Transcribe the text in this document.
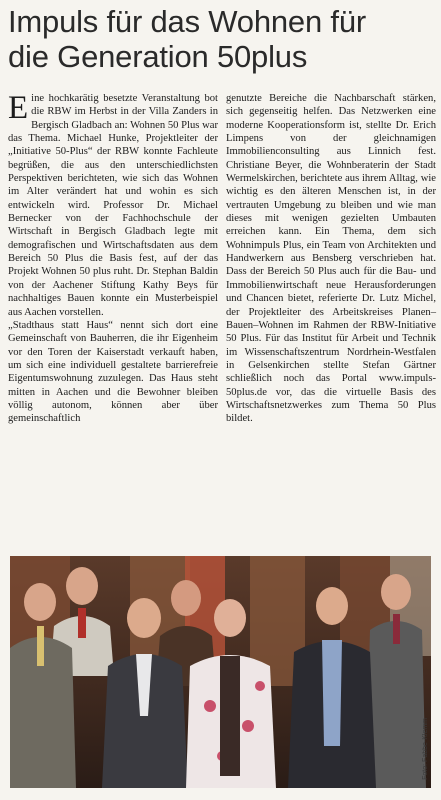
Impuls für das Wohnen für
die Generation 50plus

Eine hochkarätig besetzte Veranstaltung bot die RBW im Herbst in der Villa Zanders in Bergisch Gladbach an: Wohnen 50 Plus war das Thema. Michael Hunke, Projektleiter der „Initiative 50-Plus“ der RBW konnte Fachleute begrüßen, die aus den unterschiedlichsten Perspektiven berichteten, wie sich das Wohnen im Alter verändert hat und wohin es sich entwickeln wird. Professor Dr. Michael Bernecker von der Fachhochschule der Wirtschaft in Bergisch Gladbach legte mit demografischen und Wirtschaftsdaten aus dem Bereich 50 Plus die Basis fest, auf der das Projekt Wohnen 50 plus ruht. Dr. Stephan Baldin von der Aachener Stiftung Kathy Beys für nachhaltiges Bauen konnte ein Musterbeispiel aus Aachen vorstellen.

„Stadthaus statt Haus“ nennt sich dort eine Gemeinschaft von Bauherren, die ihr Eigenheim vor den Toren der Kaiserstadt verkauft haben, um sich eine individuell gestaltete barrierefreie Eigentumswohnung zuzulegen. Das Haus steht mitten in Aachen und die Bewohner bleiben völlig autonom, können aber über gemeinschaftlich

genutzte Bereiche die Nachbarschaft stärken, sich gegenseitig helfen. Das Netzwerken eine moderne Kooperationsform ist, stellte Dr. Erich Limpens von der gleichnamigen Immobilienconsulting aus Linnich fest. Christiane Beyer, die Wohnberaterin der Stadt Wermelskirchen, berichtete aus ihrem Alltag, wie wichtig es den älteren Menschen ist, in der vertrauten Umgebung zu bleiben und wie man dieses mit wenigen gezielten Umbauten erreichen kann. Ein Thema, dem sich Wohnimpuls Plus, ein Team von Architekten und Handwerkern aus Bensberg verschrieben hat. Dass der Bereich 50 Plus auch für die Bau- und Immobilienwirtschaft neue Herausforderungen und Chancen bietet, referierte Dr. Lutz Michel, der Projektleiter des Arbeitskreises Planen–Bauen–Wohnen im Rahmen der RBW-Initiative 50 Plus. Für das Institut für Arbeit und Technik im Wissenschaftszentrum Nordrhein-Westfalen in Gelsenkirchen stellte Stefan Gärtner schließlich noch das Portal www.impuls-50plus.de vor, das die virtuelle Basis des Wirtschaftsnetzwerkes zum Thema 50 Plus bildet.

Foto: Fabbe-Klemm
